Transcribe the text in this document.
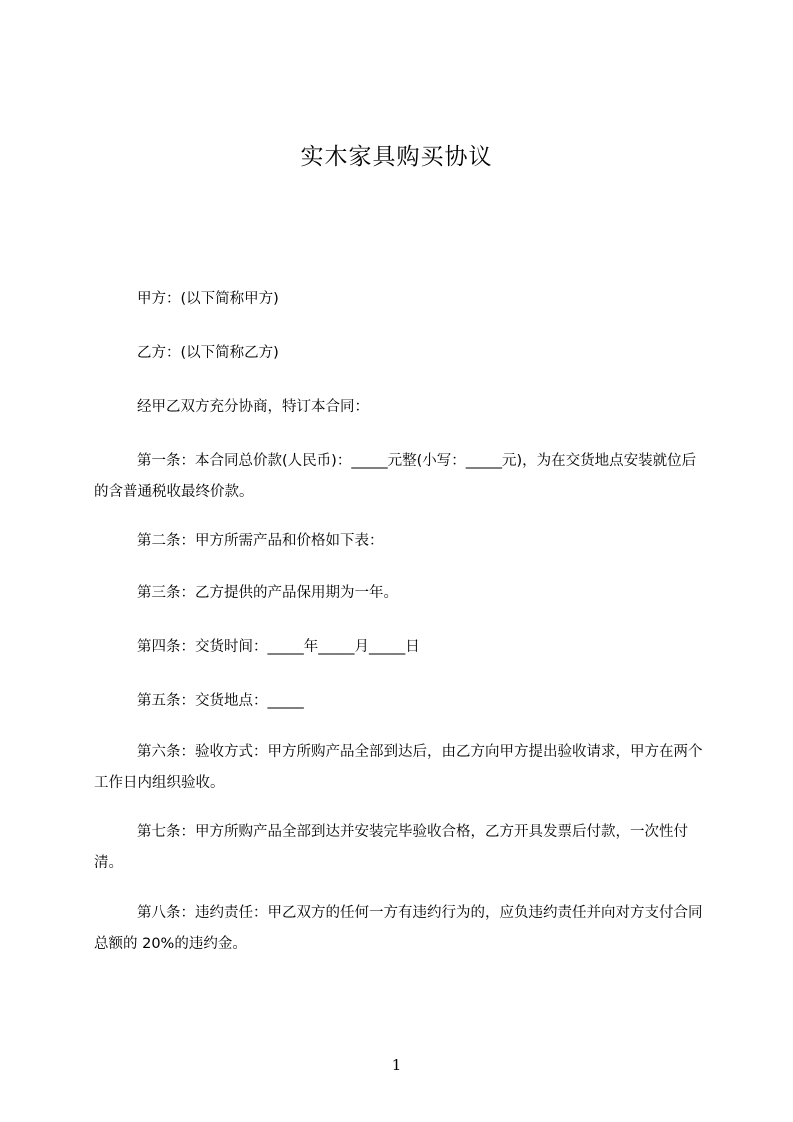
实木家具购买协议
甲方：(以下简称甲方)
乙方：(以下简称乙方)
经甲乙双方充分协商，特订本合同：
第一条：本合同总价款(人民币)：_____元整(小写：_____元)，为在交货地点安装就位后的含普通税收最终价款。
第二条：甲方所需产品和价格如下表：
第三条：乙方提供的产品保用期为一年。
第四条：交货时间：_____年_____月_____日
第五条：交货地点：_____
第六条：验收方式：甲方所购产品全部到达后，由乙方向甲方提出验收请求，甲方在两个工作日内组织验收。
第七条：甲方所购产品全部到达并安装完毕验收合格，乙方开具发票后付款，一次性付清。
第八条：违约责任：甲乙双方的任何一方有违约行为的，应负违约责任并向对方支付合同总额的 20%的违约金。
1
